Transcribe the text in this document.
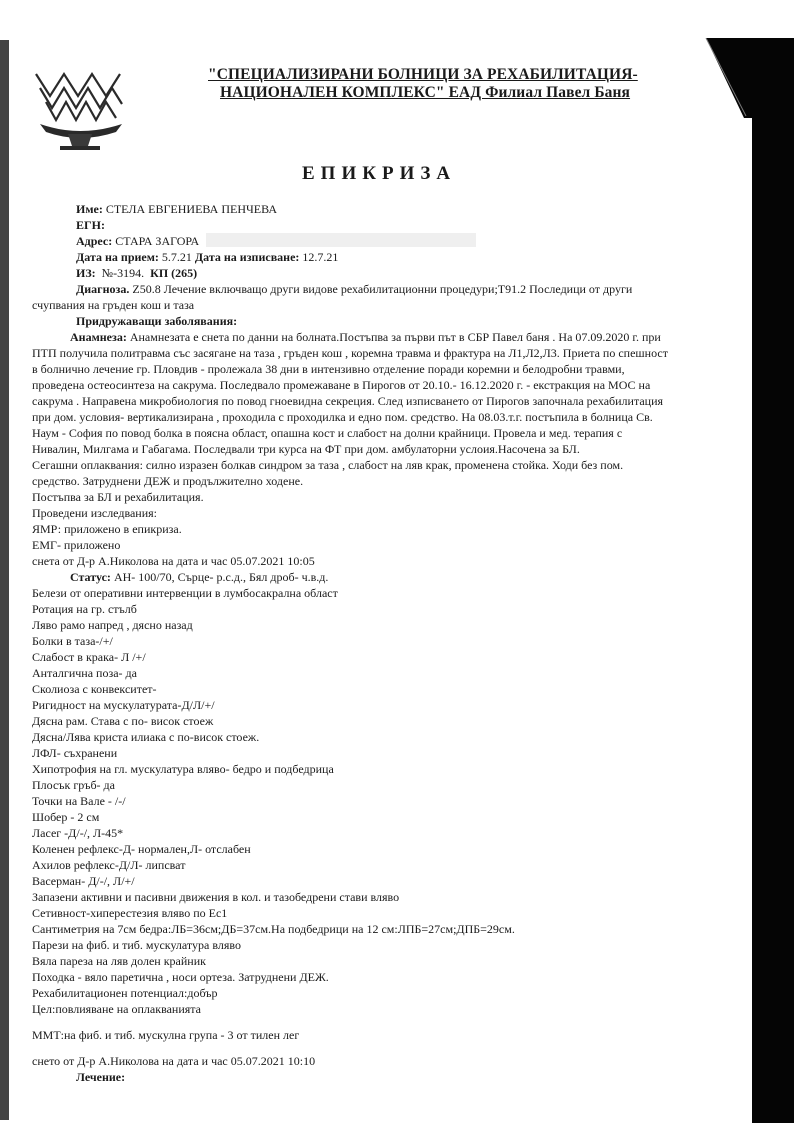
"СПЕЦИАЛИЗИРАНИ БОЛНИЦИ ЗА РЕХАБИЛИТАЦИЯ-
НАЦИОНАЛЕН КОМПЛЕКС" ЕАД Филиал Павел Баня
ЕПИКРИЗА
Име: СТЕЛА ЕВГЕНИЕВА ПЕНЧЕВА
ЕГН:
Адрес: СТАРА ЗАГОРА
Дата на прием: 5.7.21 Дата на изписване: 12.7.21
ИЗ: №-3194. КП (265)
Диагноза. Z50.8 Лечение включващо други видове рехабилитационни процедури;T91.2 Последици от други
счупвания на гръден кош и таза
Придружаващи заболявания:
Анамнеза: Анамнезата е снета по данни на болната.Постъпва за първи път в СБР Павел баня . На 07.09.2020 г. при
ПТП получила политравма със засягане на таза , гръден кош , коремна травма и фрактура на Л1,Л2,Л3. Приета по спешност
в болнично лечение гр. Пловдив - пролежала 38 дни в интензивно отделение поради коремни и белодробни травми,
проведена остеосинтеза на сакрума. Последвало промежаване в Пирогов от 20.10.- 16.12.2020 г. - екстракция на МОС на
сакрума . Направена микробиология по повод гноевидна секреция. След изписването от Пирогов започнала рехабилитация
при дом. условия- вертикализирана , проходила с проходилка и едно пом. средство. На 08.03.т.г. постъпила в болница Св.
Наум - София по повод болка в поясна област, опашна кост и слабост на долни крайници. Провела и мед. терапия с
Нивалин, Милгама и Габагама. Последвали три курса на ФТ при дом. амбулаторни услоия.Насочена за БЛ.
Сегашни оплаквания: силно изразен болкав синдром за таза , слабост на ляв крак, променена стойка. Ходи без пом.
средство. Затруднени ДЕЖ и продължително ходене.
Постъпва за БЛ и рехабилитация.
Проведени изследвания:
ЯМР: приложено в епикриза.
ЕМГ- приложено
снета от Д-р А.Николова на дата и час 05.07.2021 10:05
Статус: АН- 100/70, Сърце- р.с.д., Бял дроб- ч.в.д.
Белези от оперативни интервенции в лумбосакрална област
Ротация на гр. стълб
Ляво рамо напред , дясно назад
Болки в таза-/+/
Слабост в крака- Л /+/
Анталгична поза- да
Сколиоза с конвекситет-
Ригидност на мускулатурата-Д/Л/+/
Дясна рам. Става с по- висок стоеж
Дясна/Лява криста илиака с по-висок стоеж.
ЛФЛ- съхранени
Хипотрофия на гл. мускулатура вляво- бедро и подбедрица
Плосък гръб- да
Точки на Вале - /-/
Шобер - 2 см
Ласег -Д/-/, Л-45*
Коленен рефлекс-Д- нормален,Л- отслабен
Ахилов рефлекс-Д/Л- липсват
Васерман- Д/-/, Л/+/
Запазени активни и пасивни движения в кол. и тазобедрени стави вляво
Сетивност-хиперестезия вляво по Ес1
Сантиметрия на 7см бедра:ЛБ=36см;ДБ=37см.На подбедрици на 12 см:ЛПБ=27см;ДПБ=29см.
Парези на фиб. и тиб. мускулатура вляво
Вяла пареза на ляв долен крайник
Походка - вяло паретична , носи ортеза. Затруднени ДЕЖ.
Рехабилитационен потенциал:добър
Цел:повлияване на оплакванията
ММТ:на фиб. и тиб. мускулна група - 3 от тилен лег
снето от Д-р А.Николова на дата и час 05.07.2021 10:10
Лечение:
